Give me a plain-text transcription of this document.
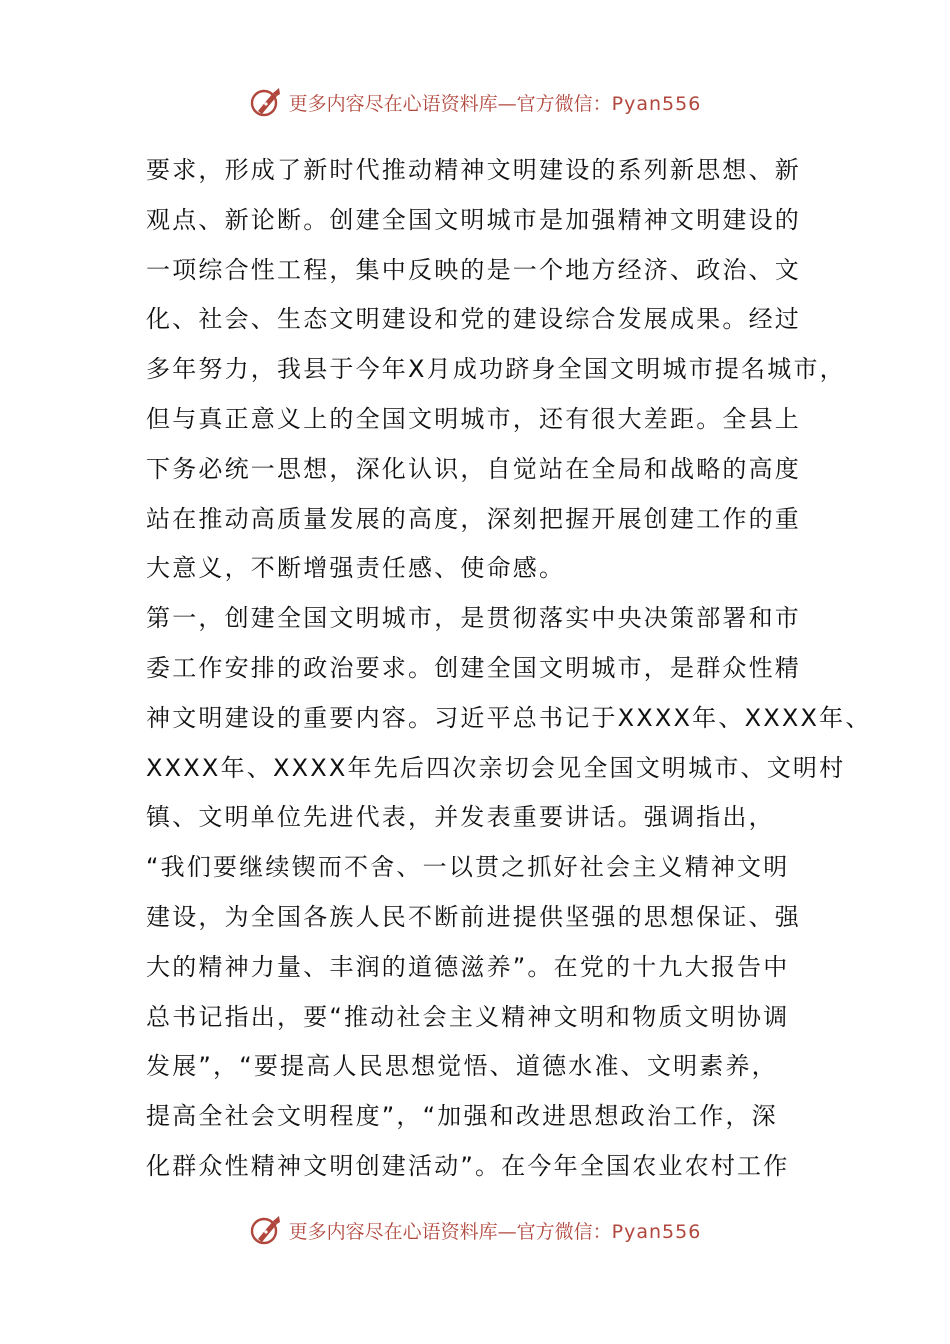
更多内容尽在心语资料库—官方微信：Pyan556
要求，形成了新时代推动精神文明建设的系列新思想、新
观点、新论断。创建全国文明城市是加强精神文明建设的
一项综合性工程，集中反映的是一个地方经济、政治、文
化、社会、生态文明建设和党的建设综合发展成果。经过
多年努力，我县于今年X月成功跻身全国文明城市提名城市，
但与真正意义上的全国文明城市，还有很大差距。全县上
下务必统一思想，深化认识，自觉站在全局和战略的高度
站在推动高质量发展的高度，深刻把握开展创建工作的重
大意义，不断增强责任感、使命感。
第一，创建全国文明城市，是贯彻落实中央决策部署和市
委工作安排的政治要求。创建全国文明城市，是群众性精
神文明建设的重要内容。习近平总书记于XXXX年、XXXX年、
XXXX年、XXXX年先后四次亲切会见全国文明城市、文明村
镇、文明单位先进代表，并发表重要讲话。强调指出，
“我们要继续锲而不舍、一以贯之抓好社会主义精神文明
建设，为全国各族人民不断前进提供坚强的思想保证、强
大的精神力量、丰润的道德滋养”。在党的十九大报告中
总书记指出，要“推动社会主义精神文明和物质文明协调
发展”，“要提高人民思想觉悟、道德水准、文明素养，
提高全社会文明程度”，“加强和改进思想政治工作，深
化群众性精神文明创建活动”。在今年全国农业农村工作
更多内容尽在心语资料库—官方微信：Pyan556
